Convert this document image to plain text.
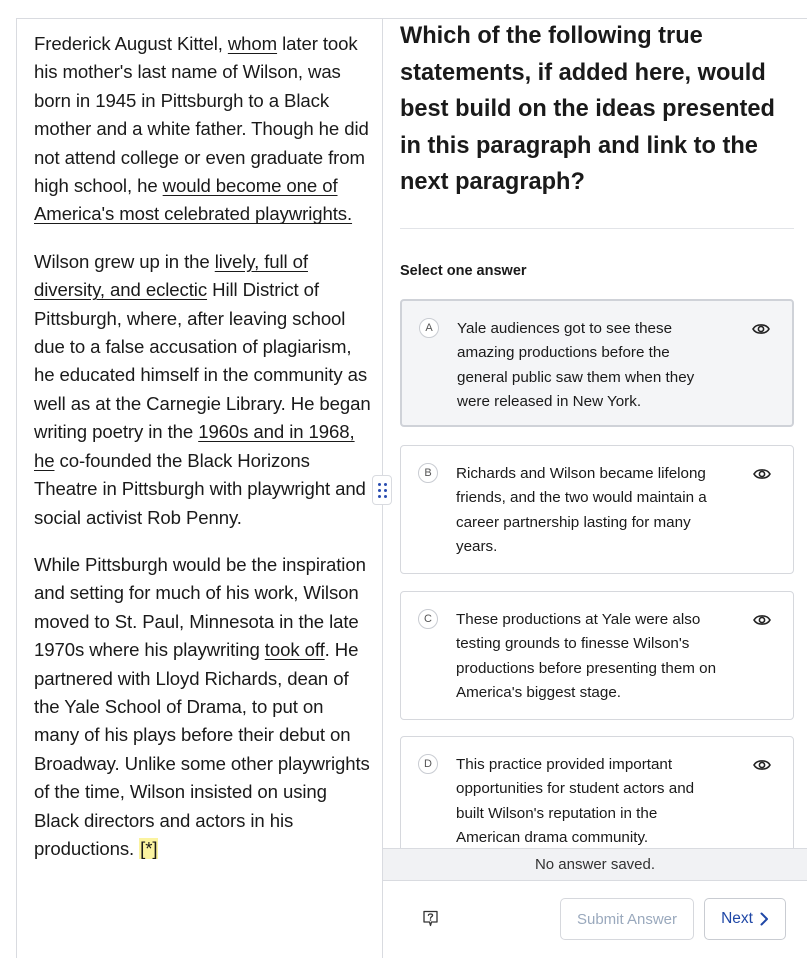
Frederick August Kittel, whom later took his mother's last name of Wilson, was born in 1945 in Pittsburgh to a Black mother and a white father. Though he did not attend college or even graduate from high school, he would become one of America's most celebrated playwrights.

Wilson grew up in the lively, full of diversity, and eclectic Hill District of Pittsburgh, where, after leaving school due to a false accusation of plagiarism, he educated himself in the community as well as at the Carnegie Library. He began writing poetry in the 1960s and in 1968, he co-founded the Black Horizons Theatre in Pittsburgh with playwright and social activist Rob Penny.

While Pittsburgh would be the inspiration and setting for much of his work, Wilson moved to St. Paul, Minnesota in the late 1970s where his playwriting took off. He partnered with Lloyd Richards, dean of the Yale School of Drama, to put on many of his plays before their debut on Broadway. Unlike some other playwrights of the time, Wilson insisted on using Black directors and actors in his productions. [*]

Which of the following true statements, if added here, would best build on the ideas presented in this paragraph and link to the next paragraph?
Select one answer
A	Yale audiences got to see these amazing productions before the general public saw them when they were released in New York.
B	Richards and Wilson became lifelong friends, and the two would maintain a career partnership lasting for many years.
C	These productions at Yale were also testing grounds to finesse Wilson's productions before presenting them on America's biggest stage.
D	This practice provided important opportunities for student actors and built Wilson's reputation in the American drama community.
No answer saved.
Submit Answer	Next
